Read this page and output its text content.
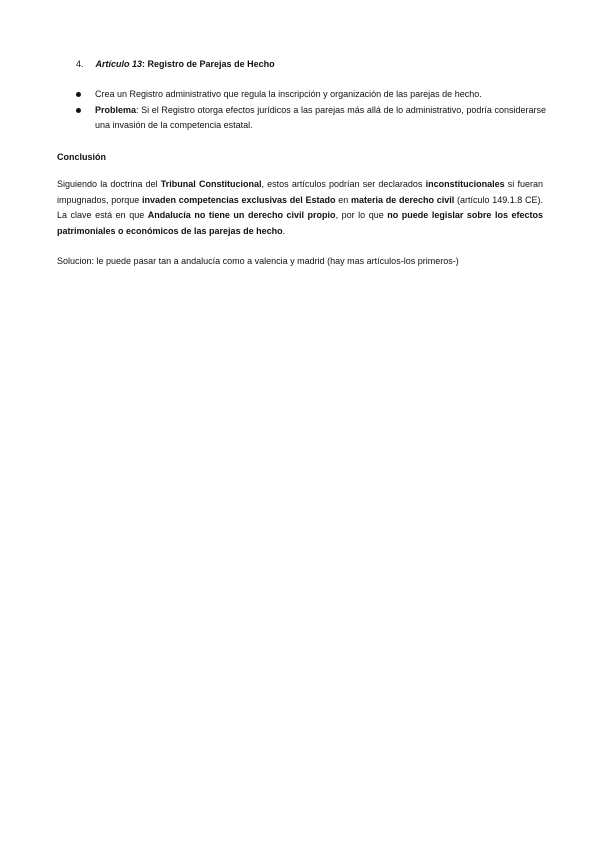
4. Artículo 13: Registro de Parejas de Hecho
Crea un Registro administrativo que regula la inscripción y organización de las parejas de hecho.
Problema: Si el Registro otorga efectos jurídicos a las parejas más allá de lo administrativo, podría considerarse una invasión de la competencia estatal.
Conclusión

Siguiendo la doctrina del Tribunal Constitucional, estos artículos podrían ser declarados inconstitucionales si fueran impugnados, porque invaden competencias exclusivas del Estado en materia de derecho civil (artículo 149.1.8 CE). La clave está en que Andalucía no tiene un derecho civil propio, por lo que no puede legislar sobre los efectos patrimoniales o económicos de las parejas de hecho.

Solucion: le puede pasar tan a andalucía como a valencia y madrid (hay mas artículos-los primeros-)
